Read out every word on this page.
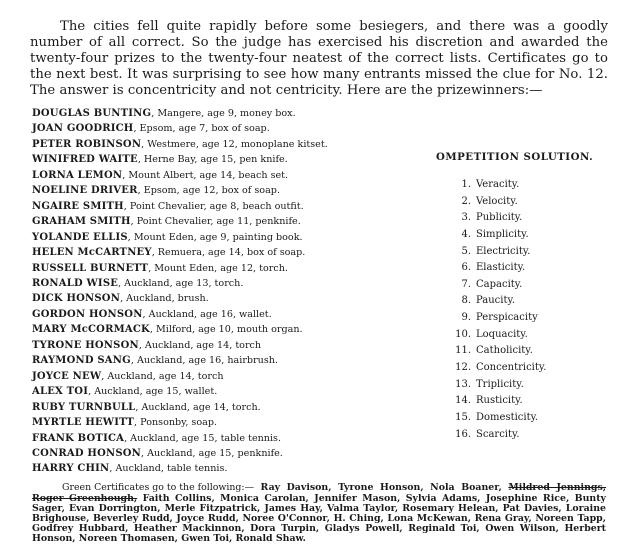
The cities fell quite rapidly before some besiegers, and there was a goodly number of all correct. So the judge has exercised his discretion and awarded the twenty-four prizes to the twenty-four neatest of the correct lists. Certificates go to the next best. It was surprising to see how many entrants missed the clue for No. 12. The answer is concentricity and not centricity. Here are the prizewinners:—

DOUGLAS BUNTING, Mangere, age 9, money box.
JOAN GOODRICH, Epsom, age 7, box of soap.
PETER ROBINSON, Westmere, age 12, monoplane kitset.
WINIFRED WAITE, Herne Bay, age 15, pen knife.
LORNA LEMON, Mount Albert, age 14, beach set.
NOELINE DRIVER, Epsom, age 12, box of soap.
NGAIRE SMITH, Point Chevalier, age 8, beach outfit.
GRAHAM SMITH, Point Chevalier, age 11, penknife.
YOLANDE ELLIS, Mount Eden, age 9, painting book.
HELEN McCARTNEY, Remuera, age 14, box of soap.
RUSSELL BURNETT, Mount Eden, age 12, torch.
RONALD WISE, Auckland, age 13, torch.
DICK HONSON, Auckland, brush.
GORDON HONSON, Auckland, age 16, wallet.
MARY McCORMACK, Milford, age 10, mouth organ.
TYRONE HONSON, Auckland, age 14, torch
RAYMOND SANG, Auckland, age 16, hairbrush.
JOYCE NEW, Auckland, age 14, torch
ALEX TOI, Auckland, age 15, wallet.
RUBY TURNBULL, Auckland, age 14, torch.
MYRTLE HEWITT, Ponsonby, soap.
FRANK BOTICA, Auckland, age 15, table tennis.
CONRAD HONSON, Auckland, age 15, penknife.
HARRY CHIN, Auckland, table tennis.
OMPETITION SOLUTION.
1. Veracity.
2. Velocity.
3. Publicity.
4. Simplicity.
5. Electricity.
6. Elasticity.
7. Capacity.
8. Paucity.
9. Perspicacity
10. Loquacity.
11. Catholicity.
12. Concentricity.
13. Triplicity.
14. Rusticity.
15. Domesticity.
16. Scarcity.

Green Certificates go to the following:— Ray Davison, Tyrone Honson, Nola Boaner, Mildred Jennings, Roger Greenhough, Faith Collins, Monica Carolan, Jennifer Mason, Sylvia Adams, Josephine Rice, Bunty Sager, Evan Dorrington, Merle Fitzpatrick, James Hay, Valma Taylor, Rosemary Helean, Pat Davies, Loraine Brighouse, Beverley Rudd, Joyce Rudd, Noree O'Connor, H. Ching, Lona McKewan, Rena Gray, Noreen Tapp, Godfrey Hubbard, Heather Mackinnon, Dora Turpin, Gladys Powell, Reginald Toi, Owen Wilson, Herbert Honson, Noreen Thomasen, Gwen Toi, Ronald Shaw.
